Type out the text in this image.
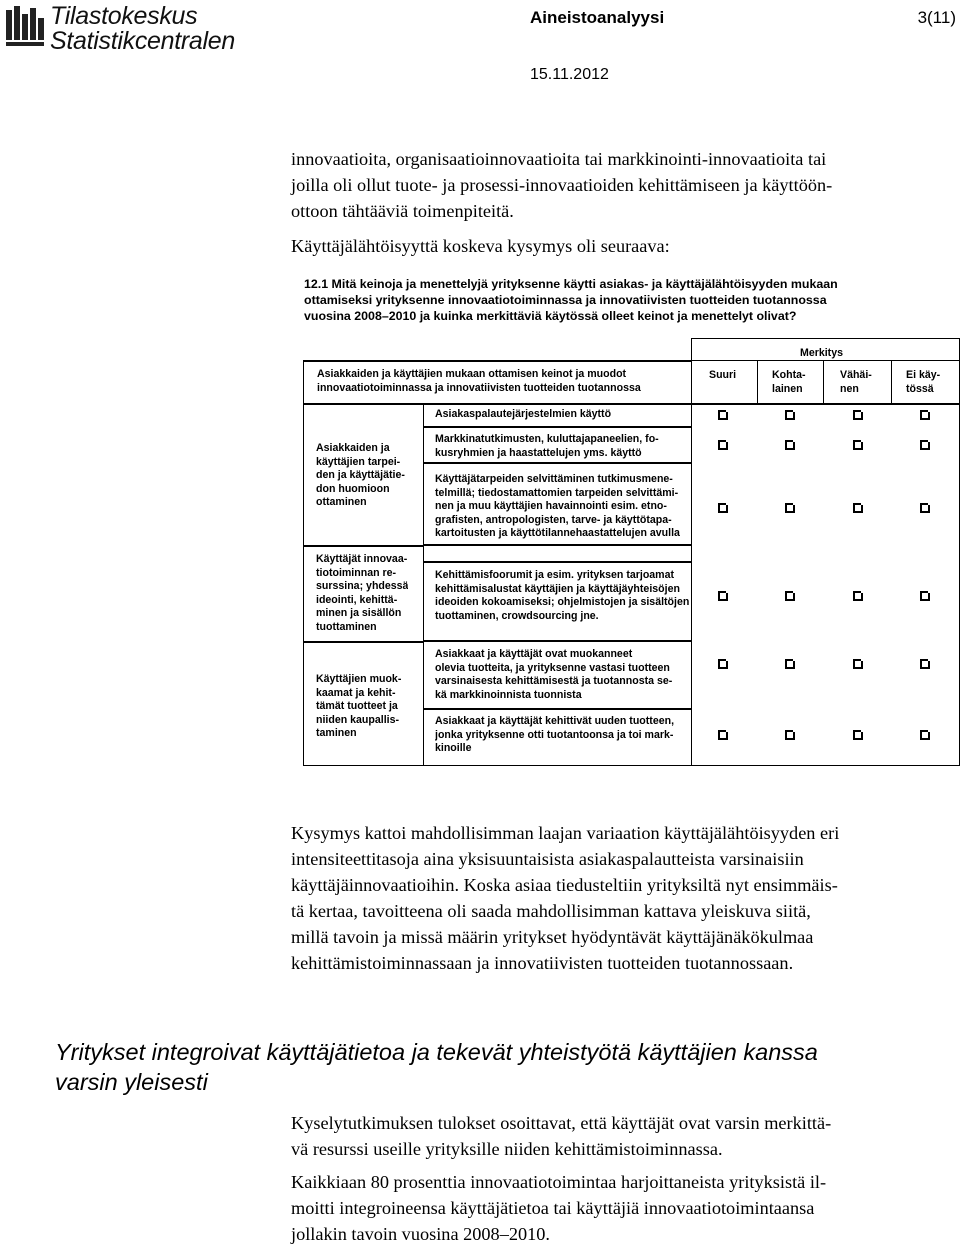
Tilastokeskus
Statistikcentralen
Aineistoanalyysi	3(11)
15.11.2012
innovaatioita, organisaatioinnovaatioita tai markkinointi-innovaatioita tai
joilla oli ollut tuote- ja prosessi-innovaatioiden kehittämiseen ja käyttöön-
ottoon tähtääviä toimenpiteitä.
Käyttäjälähtöisyyttä koskeva kysymys oli seuraava:
12.1 Mitä keinoja ja menettelyjä yrityksenne käytti asiakas- ja käyttäjälähtöisyyden mukaan
ottamiseksi yrityksenne innovaatiotoiminnassa ja innovatiivisten tuotteiden tuotannossa
vuosina 2008–2010 ja kuinka merkittäviä käytössä olleet keinot ja menettelyt olivat?
Asiakkaiden ja käyttäjien mukaan ottamisen keinot ja muodot
innovaatiotoiminnassa ja innovatiivisten tuotteiden tuotannossa
Merkitys
Suuri	Kohta-
lainen
Vähäi-
nen
Ei käy-
tössä
Asiakkaiden ja
käyttäjien tarpei-
den ja käyttäjätie-
don huomioon
ottaminen
Käyttäjät innovaa-
tiotoiminnan re-
surssina; yhdessä
ideointi, kehittä-
minen ja sisällön
tuottaminen
Käyttäjien muok-
kaamat ja kehit-
tämät tuotteet ja
niiden kaupallis-
taminen
Asiakaspalautejärjestelmien käyttö
Markkinatutkimusten, kuluttajapaneelien, fo-
kusryhmien ja haastattelujen yms. käyttö
Käyttäjätarpeiden selvittäminen tutkimusmene-
telmillä; tiedostamattomien tarpeiden selvittämi-
nen ja muu käyttäjien havainnointi esim. etno-
grafisten, antropologisten, tarve- ja käyttötapa-
kartoitusten ja käyttötilannehaastattelujen avulla
Kehittämisfoorumit ja esim. yrityksen tarjoamat
kehittämisalustat käyttäjien ja käyttäjäyhteisöjen
ideoiden kokoamiseksi; ohjelmistojen ja sisältöjen
tuottaminen, crowdsourcing jne.
Asiakkaat ja käyttäjät ovat muokanneet
olevia tuotteita, ja yrityksenne vastasi tuotteen
varsinaisesta kehittämisestä ja tuotannosta se-
kä markkinoinnista tuonnista
Asiakkaat ja käyttäjät kehittivät uuden tuotteen,
jonka yrityksenne otti tuotantoonsa ja toi mark-
kinoille
Kysymys kattoi mahdollisimman laajan variaation käyttäjälähtöisyyden eri
intensiteettitasoja aina yksisuuntaisista asiakaspalautteista varsinaisiin
käyttäjäinnovaatioihin. Koska asiaa tiedusteltiin yrityksiltä nyt ensimmäis-
tä kertaa, tavoitteena oli saada mahdollisimman kattava yleiskuva siitä,
millä tavoin ja missä määrin yritykset hyödyntävät käyttäjänäkökulmaa
kehittämistoiminnassaan ja innovatiivisten tuotteiden tuotannossaan.
Yritykset integroivat käyttäjätietoa ja tekevät yhteistyötä käyttäjien kanssa
varsin yleisesti
Kyselytutkimuksen tulokset osoittavat, että käyttäjät ovat varsin merkittä-
vä resurssi useille yrityksille niiden kehittämistoiminnassa.
Kaikkiaan 80 prosenttia innovaatiotoimintaa harjoittaneista yrityksistä il-
moitti integroineensa käyttäjätietoa tai käyttäjiä innovaatiotoimintaansa
jollakin tavoin vuosina 2008–2010.
